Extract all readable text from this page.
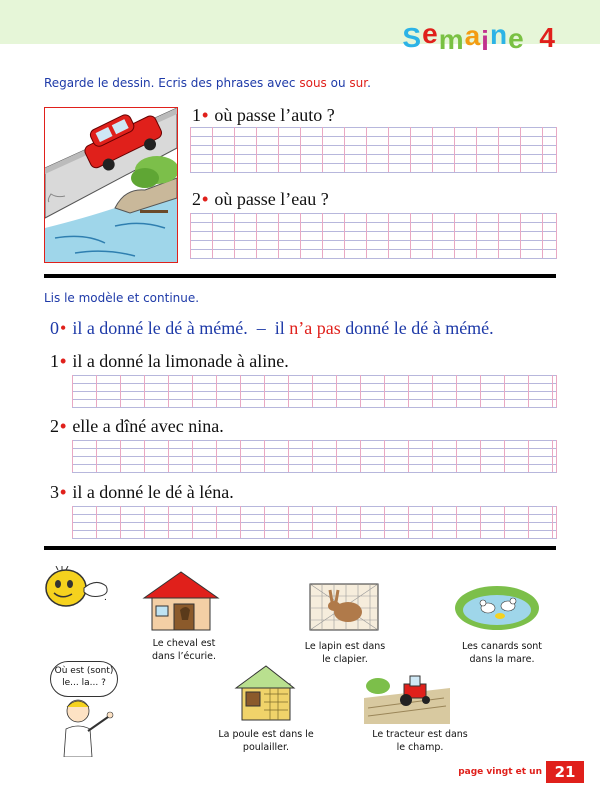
Semaine 4
Regarde le dessin. Ecris des phrases avec sous ou sur.
1• où passe l’auto ?
2• où passe l’eau ?
Lis le modèle et continue.
0• il a donné le dé à mémé.  –  il n’a pas donné le dé à mémé.
1• il a donné la limonade à aline.
2• elle a dîné avec nina.
3• il a donné le dé à léna.
.
Le cheval est dans l’écurie.
Le lapin est dans le clapier.
Les canards sont dans la mare.
Où est (sont) le... la... ?
La poule est dans le poulailler.
Le tracteur est dans le champ.
page vingt et un 21
